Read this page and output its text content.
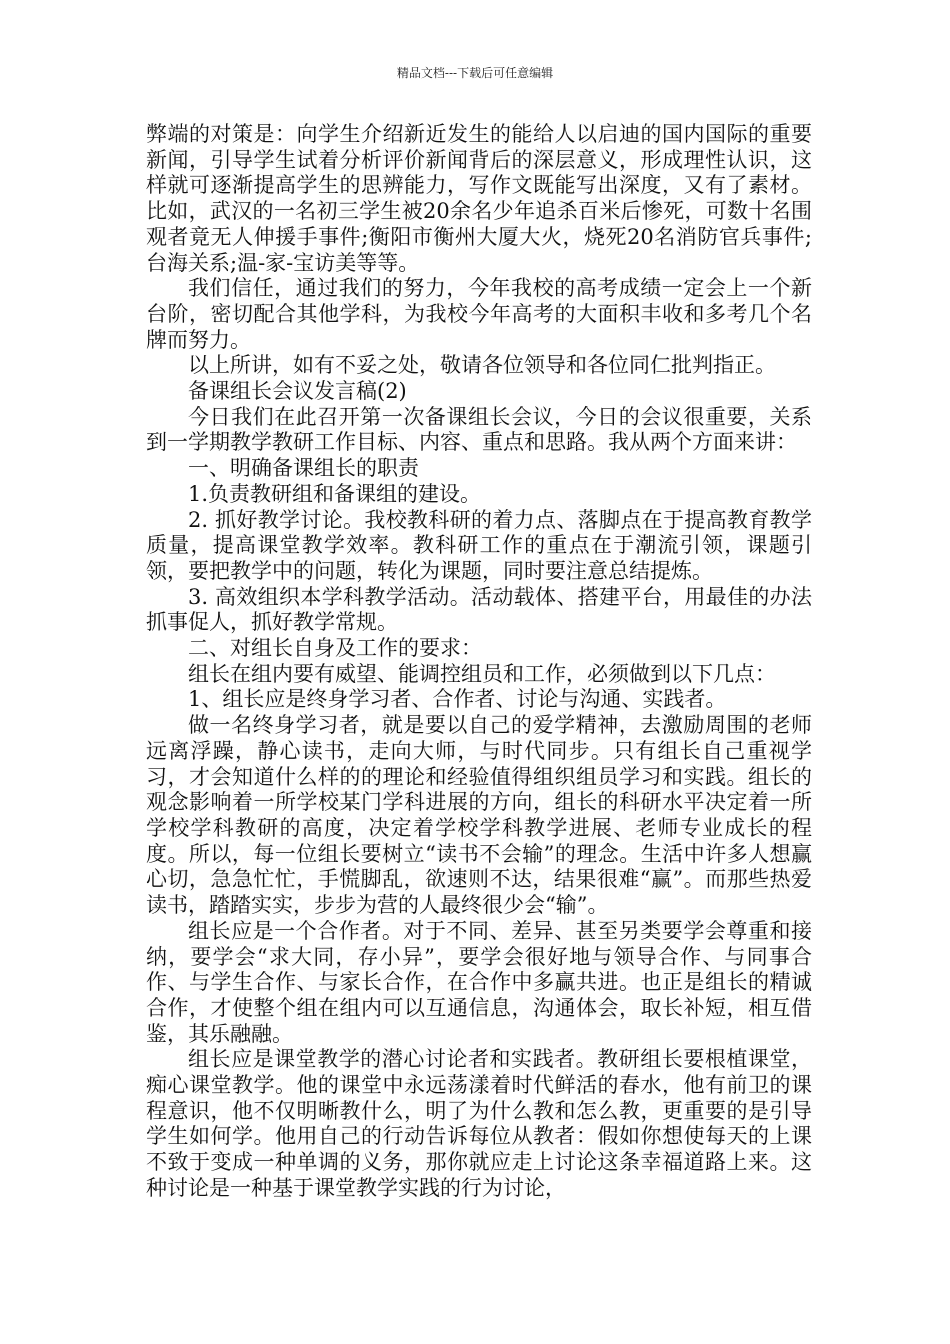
精品文档---下载后可任意编辑

弊端的对策是：向学生介绍新近发生的能给人以启迪的国内国际的重要新闻，引导学生试着分析评价新闻背后的深层意义，形成理性认识，这样就可逐渐提高学生的思辨能力，写作文既能写出深度，又有了素材。比如，武汉的一名初三学生被20余名少年追杀百米后惨死，可数十名围观者竟无人伸援手事件;衡阳市衡州大厦大火，烧死20名消防官兵事件;台海关系;温-家-宝访美等等。

我们信任，通过我们的努力，今年我校的高考成绩一定会上一个新台阶，密切配合其他学科，为我校今年高考的大面积丰收和多考几个名牌而努力。

以上所讲，如有不妥之处，敬请各位领导和各位同仁批判指正。

备课组长会议发言稿(2)

今日我们在此召开第一次备课组长会议，今日的会议很重要，关系到一学期教学教研工作目标、内容、重点和思路。我从两个方面来讲：

一、明确备课组长的职责

1.负责教研组和备课组的建设。

2. 抓好教学讨论。我校教科研的着力点、落脚点在于提高教育教学质量，提高课堂教学效率。教科研工作的重点在于潮流引领，课题引领，要把教学中的问题，转化为课题，同时要注意总结提炼。

3. 高效组织本学科教学活动。活动载体、搭建平台，用最佳的办法抓事促人，抓好教学常规。

二、对组长自身及工作的要求：

组长在组内要有威望、能调控组员和工作，必须做到以下几点：

1、组长应是终身学习者、合作者、讨论与沟通、实践者。

做一名终身学习者，就是要以自己的爱学精神，去激励周围的老师远离浮躁，静心读书，走向大师，与时代同步。只有组长自己重视学习，才会知道什么样的的理论和经验值得组织组员学习和实践。组长的观念影响着一所学校某门学科进展的方向，组长的科研水平决定着一所学校学科教研的高度，决定着学校学科教学进展、老师专业成长的程度。所以，每一位组长要树立“读书不会输”的理念。生活中许多人想赢心切，急急忙忙，手慌脚乱，欲速则不达，结果很难“赢”。而那些热爱读书，踏踏实实，步步为营的人最终很少会“输”。

组长应是一个合作者。对于不同、差异、甚至另类要学会尊重和接纳，要学会“求大同，存小异”，要学会很好地与领导合作、与同事合作、与学生合作、与家长合作，在合作中多赢共进。也正是组长的精诚合作，才使整个组在组内可以互通信息，沟通体会，取长补短，相互借鉴，其乐融融。

组长应是课堂教学的潜心讨论者和实践者。教研组长要根植课堂，痴心课堂教学。他的课堂中永远荡漾着时代鲜活的春水，他有前卫的课程意识，他不仅明晰教什么，明了为什么教和怎么教，更重要的是引导学生如何学。他用自己的行动告诉每位从教者：假如你想使每天的上课不致于变成一种单调的义务，那你就应走上讨论这条幸福道路上来。这种讨论是一种基于课堂教学实践的行为讨论，
